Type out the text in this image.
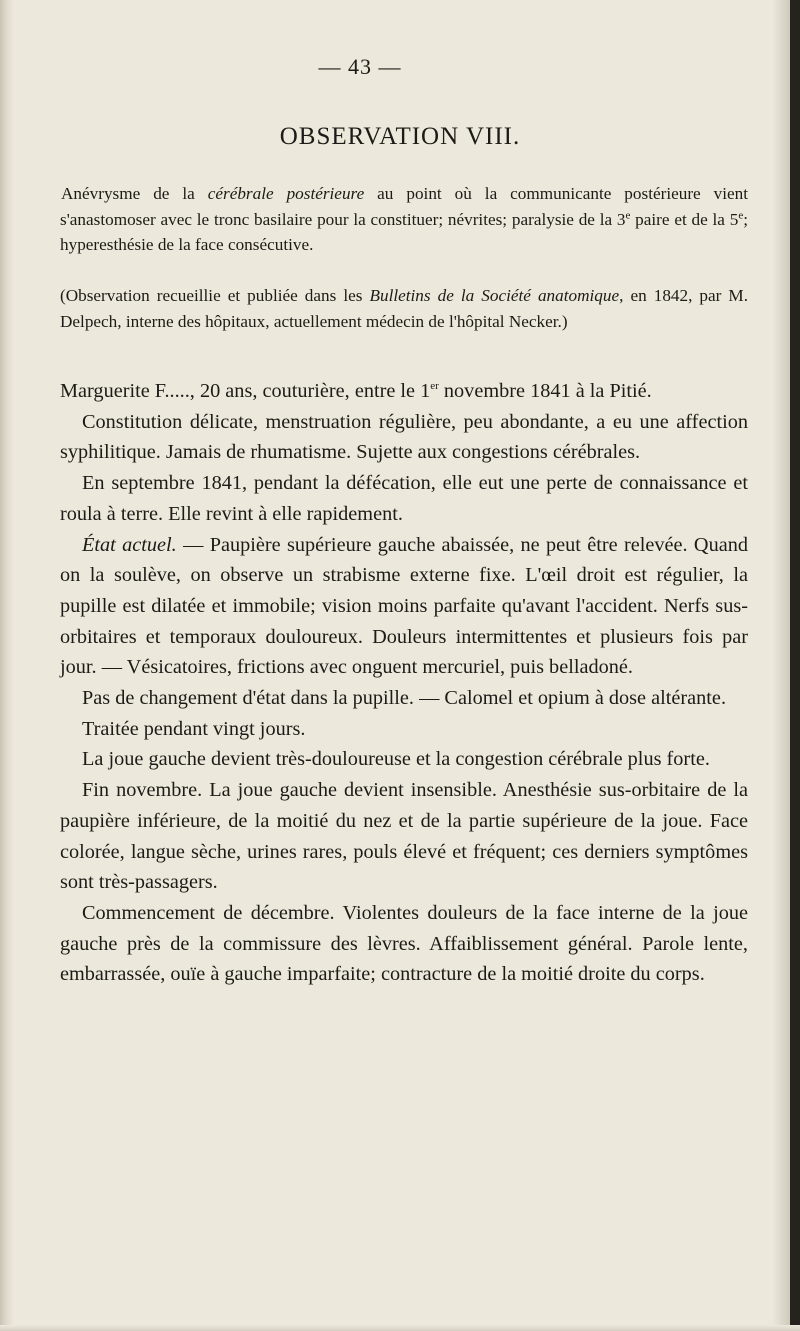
— 43 —
OBSERVATION VIII.

Anévrysme de la cérébrale postérieure au point où la communicante postérieure vient s'anastomoser avec le tronc basilaire pour la constituer; névrites; paralysie de la 3e paire et de la 5e; hyperesthésie de la face consécutive.

(Observation recueillie et publiée dans les Bulletins de la Société anatomique, en 1842, par M. Delpech, interne des hôpitaux, actuellement médecin de l'hôpital Necker.)

Marguerite F....., 20 ans, couturière, entre le 1er novembre 1841 à la Pitié.

Constitution délicate, menstruation régulière, peu abondante, a eu une affection syphilitique. Jamais de rhumatisme. Sujette aux congestions cérébrales.

En septembre 1841, pendant la défécation, elle eut une perte de connaissance et roula à terre. Elle revint à elle rapidement.

État actuel. — Paupière supérieure gauche abaissée, ne peut être relevée. Quand on la soulève, on observe un strabisme externe fixe. L'œil droit est régulier, la pupille est dilatée et immobile; vision moins parfaite qu'avant l'accident. Nerfs sus-orbitaires et temporaux douloureux. Douleurs intermittentes et plusieurs fois par jour. — Vésicatoires, frictions avec onguent mercuriel, puis belladoné.

Pas de changement d'état dans la pupille. — Calomel et opium à dose altérante.

Traitée pendant vingt jours.

La joue gauche devient très-douloureuse et la congestion cérébrale plus forte.

Fin novembre. La joue gauche devient insensible. Anesthésie sus-orbitaire de la paupière inférieure, de la moitié du nez et de la partie supérieure de la joue. Face colorée, langue sèche, urines rares, pouls élevé et fréquent; ces derniers symptômes sont très-passagers.

Commencement de décembre. Violentes douleurs de la face interne de la joue gauche près de la commissure des lèvres. Affaiblissement général. Parole lente, embarrassée, ouïe à gauche imparfaite; contracture de la moitié droite du corps.
